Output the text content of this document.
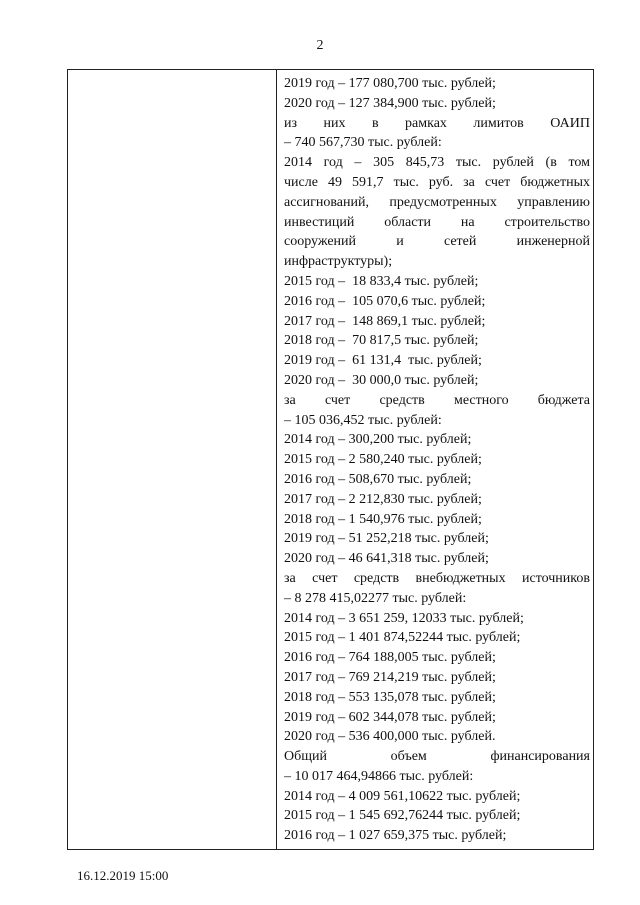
2
2019 год – 177 080,700 тыс. рублей;
2020 год – 127 384,900 тыс. рублей;
из них в рамках лимитов ОАИП
– 740 567,730 тыс. рублей:
2014 год – 305 845,73 тыс. рублей (в том
числе 49 591,7 тыс. руб. за счет бюджетных
ассигнований, предусмотренных управлению
инвестиций области на строительство
сооружений и сетей инженерной
инфраструктуры);
2015 год –  18 833,4 тыс. рублей;
2016 год –  105 070,6 тыс. рублей;
2017 год –  148 869,1 тыс. рублей;
2018 год –  70 817,5 тыс. рублей;
2019 год –  61 131,4  тыс. рублей;
2020 год –  30 000,0 тыс. рублей;
за счет средств местного бюджета
– 105 036,452 тыс. рублей:
2014 год – 300,200 тыс. рублей;
2015 год – 2 580,240 тыс. рублей;
2016 год – 508,670 тыс. рублей;
2017 год – 2 212,830 тыс. рублей;
2018 год – 1 540,976 тыс. рублей;
2019 год – 51 252,218 тыс. рублей;
2020 год – 46 641,318 тыс. рублей;
за счет средств внебюджетных источников
– 8 278 415,02277 тыс. рублей:
2014 год – 3 651 259, 12033 тыс. рублей;
2015 год – 1 401 874,52244 тыс. рублей;
2016 год – 764 188,005 тыс. рублей;
2017 год – 769 214,219 тыс. рублей;
2018 год – 553 135,078 тыс. рублей;
2019 год – 602 344,078 тыс. рублей;
2020 год – 536 400,000 тыс. рублей.
Общий объем финансирования
– 10 017 464,94866 тыс. рублей:
2014 год – 4 009 561,10622 тыс. рублей;
2015 год – 1 545 692,76244 тыс. рублей;
2016 год – 1 027 659,375 тыс. рублей;
16.12.2019 15:00
